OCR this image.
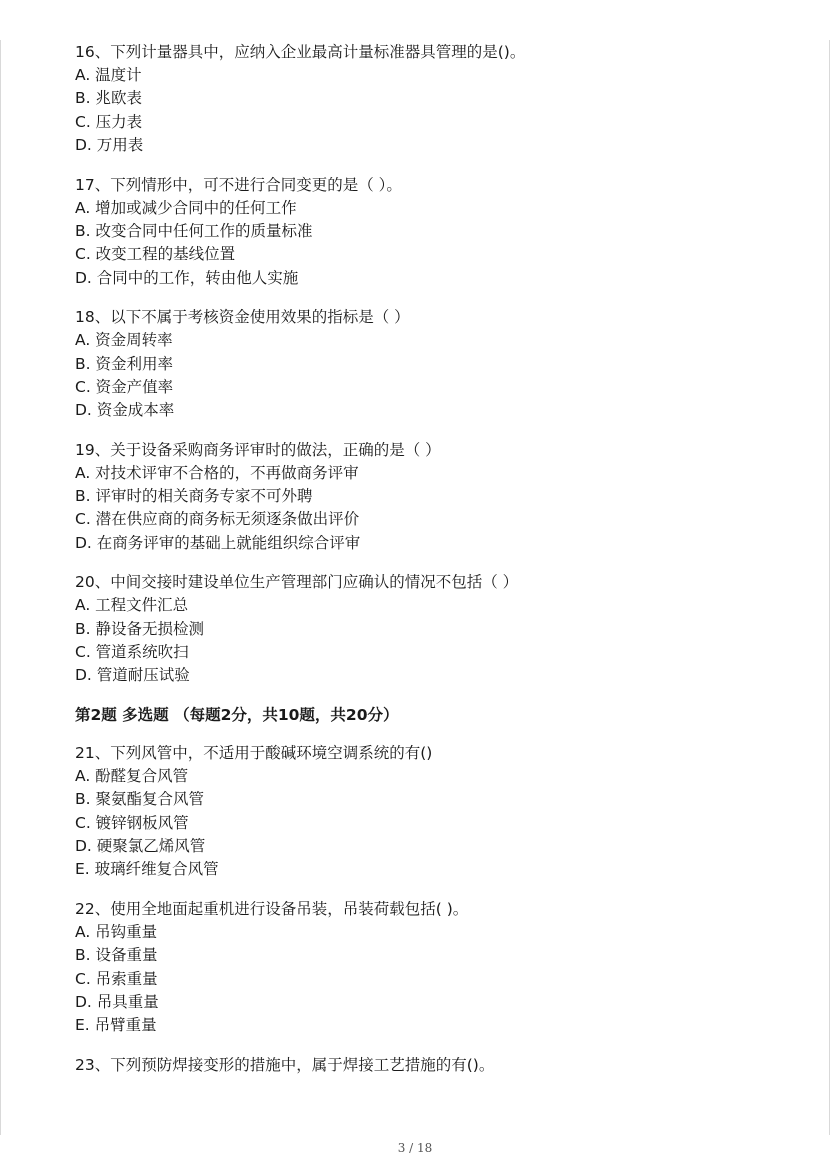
16、下列计量器具中，应纳入企业最高计量标准器具管理的是()。
A. 温度计
B. 兆欧表
C. 压力表
D. 万用表
17、下列情形中，可不进行合同变更的是（ ）。
A. 增加或减少合同中的任何工作
B. 改变合同中任何工作的质量标准
C. 改变工程的基线位置
D. 合同中的工作，转由他人实施
18、以下不属于考核资金使用效果的指标是（ ）
A. 资金周转率
B. 资金利用率
C. 资金产值率
D. 资金成本率
19、关于设备采购商务评审时的做法，正确的是（ ）
A. 对技术评审不合格的，不再做商务评审
B. 评审时的相关商务专家不可外聘
C. 潜在供应商的商务标无须逐条做出评价
D. 在商务评审的基础上就能组织综合评审
20、中间交接时建设单位生产管理部门应确认的情况不包括（ ）
A. 工程文件汇总
B. 静设备无损检测
C. 管道系统吹扫
D. 管道耐压试验
第2题 多选题 （每题2分，共10题，共20分）
21、下列风管中，不适用于酸碱环境空调系统的有()
A. 酚醛复合风管
B. 聚氨酯复合风管
C. 镀锌钢板风管
D. 硬聚氯乙烯风管
E. 玻璃纤维复合风管
22、使用全地面起重机进行设备吊装，吊装荷载包括( )。
A. 吊钩重量
B. 设备重量
C. 吊索重量
D. 吊具重量
E. 吊臂重量
23、下列预防焊接变形的措施中，属于焊接工艺措施的有()。
3 / 18
